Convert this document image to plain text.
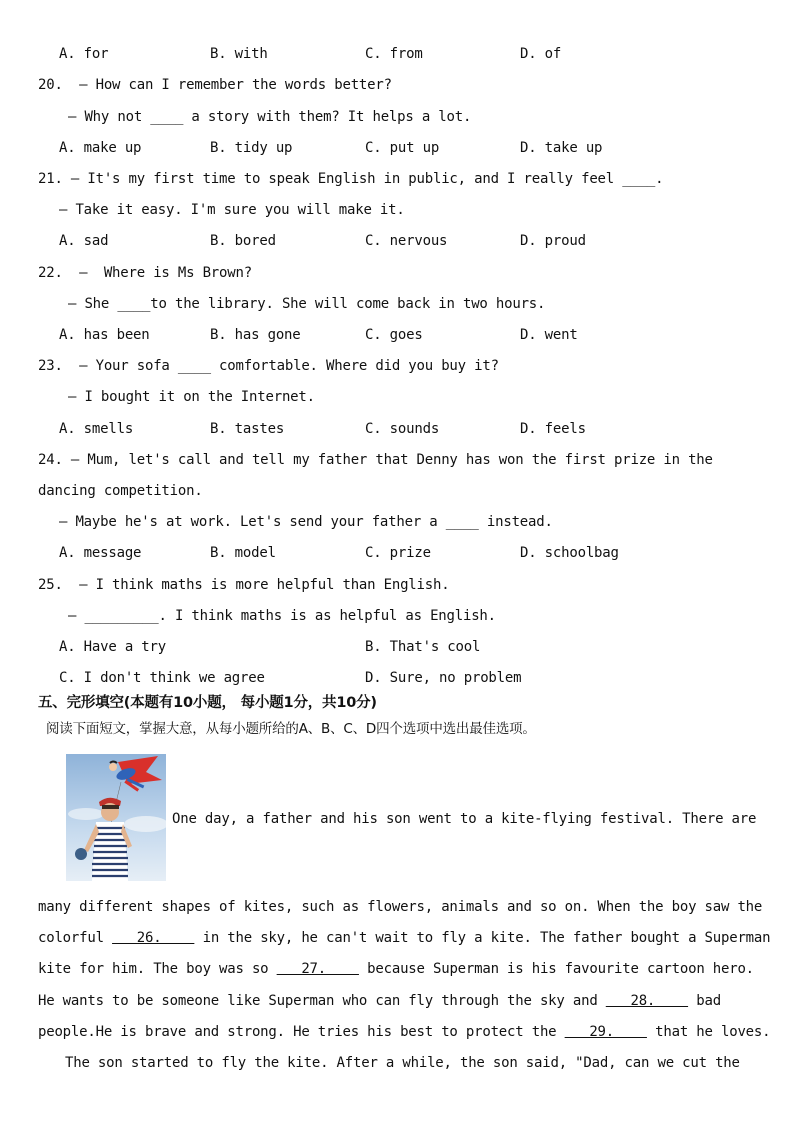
A. for	B. with	C. from	D. of
20.  — How can I remember the words better?
— Why not ____ a story with them? It helps a lot.
A. make up	B. tidy up	C. put up	D. take up
21. — It's my first time to speak English in public, and I really feel ____.
— Take it easy. I'm sure you will make it.
A. sad	B. bored	C. nervous	D. proud
22.  —  Where is Ms Brown?
— She ____to the library. She will come back in two hours.
A. has been	B. has gone	C. goes	D. went
23.  — Your sofa ____ comfortable. Where did you buy it?
— I bought it on the Internet.
A. smells	B. tastes	C. sounds	D. feels
24. — Mum, let's call and tell my father that Denny has won the first prize in the
dancing competition.
— Maybe he's at work. Let's send your father a ____ instead.
A. message	B. model	C. prize	D. schoolbag
25.  — I think maths is more helpful than English.
— _________. I think maths is as helpful as English.
A. Have a try	B. That's cool
C. I don't think we agree	D. Sure, no problem
五、完形填空(本题有10小题， 每小题1分，共10分)
阅读下面短文，掌握大意，从每小题所给的A、B、C、D四个选项中选出最佳选项。
One day, a father and his son went to a kite-flying festival. There are
many different shapes of kites, such as flowers, animals and so on. When the boy saw the
colorful    26.     in the sky, he can't wait to fly a kite. The father bought a Superman
kite for him. The boy was so    27.     because Superman is his favourite cartoon hero.
He wants to be someone like Superman who can fly through the sky and    28.     bad
people.He is brave and strong. He tries his best to protect the    29.     that he loves.
The son started to fly the kite. After a while, the son said, "Dad, can we cut the
